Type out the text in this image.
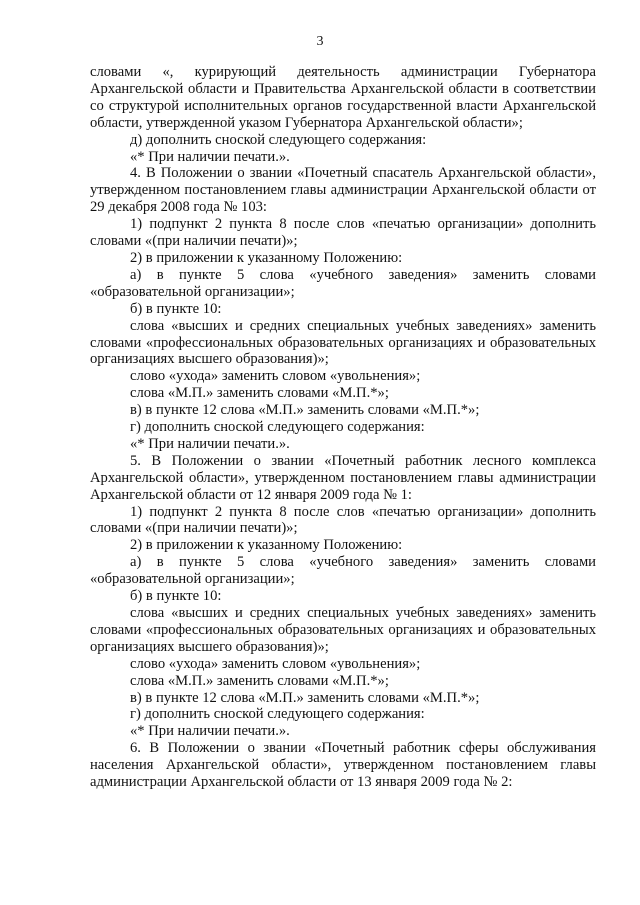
3

словами «, курирующий деятельность администрации Губернатора Архангельской области и Правительства Архангельской области в соответствии со структурой исполнительных органов государственной власти Архангельской области, утвержденной указом Губернатора Архангельской области»;

д) дополнить сноской следующего содержания:

«* При наличии печати.».

4. В Положении о звании «Почетный спасатель Архангельской области», утвержденном постановлением главы администрации Архангельской области от 29 декабря 2008 года № 103:

1) подпункт 2 пункта 8 после слов «печатью организации» дополнить словами «(при наличии печати)»;

2) в приложении к указанному Положению:

а) в пункте 5 слова «учебного заведения» заменить словами «образовательной организации»;

б) в пункте 10:

слова «высших и средних специальных учебных заведениях» заменить словами «профессиональных образовательных организациях и образовательных организациях высшего образования)»;

слово «ухода» заменить словом «увольнения»;

слова «М.П.» заменить словами «М.П.*»;

в) в пункте 12 слова «М.П.» заменить словами «М.П.*»;

г) дополнить сноской следующего содержания:

«* При наличии печати.».

5. В Положении о звании «Почетный работник лесного комплекса Архангельской области», утвержденном постановлением главы администрации Архангельской области от 12 января 2009 года № 1:

1) подпункт 2 пункта 8 после слов «печатью организации» дополнить словами «(при наличии печати)»;

2) в приложении к указанному Положению:

а) в пункте 5 слова «учебного заведения» заменить словами «образовательной организации»;

б) в пункте 10:

слова «высших и средних специальных учебных заведениях» заменить словами «профессиональных образовательных организациях и образовательных организациях высшего образования)»;

слово «ухода» заменить словом «увольнения»;

слова «М.П.» заменить словами «М.П.*»;

в) в пункте 12 слова «М.П.» заменить словами «М.П.*»;

г) дополнить сноской следующего содержания:

«* При наличии печати.».

6. В Положении о звании «Почетный работник сферы обслуживания населения Архангельской области», утвержденном постановлением главы администрации Архангельской области от 13 января 2009 года № 2:
